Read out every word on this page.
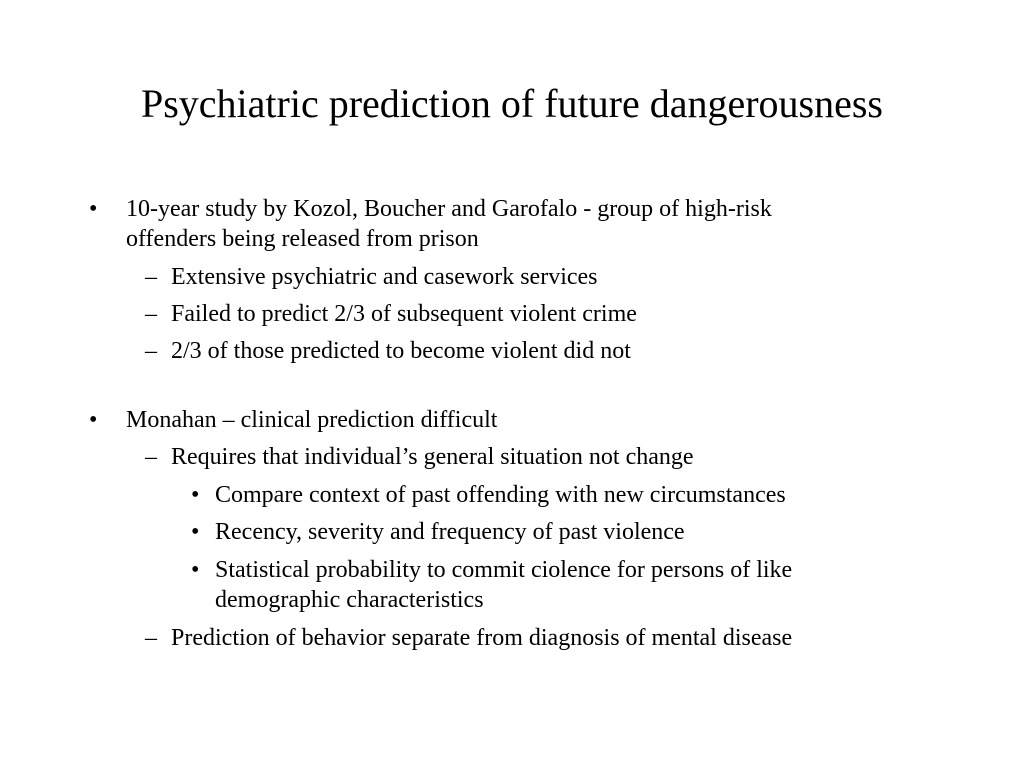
Psychiatric prediction of future dangerousness
• 10-year study by Kozol, Boucher and Garofalo - group of high-risk
offenders being released from prison
– Extensive psychiatric and casework services
– Failed to predict 2/3 of subsequent violent crime
– 2/3 of those predicted to become violent did not
• Monahan – clinical prediction difficult
– Requires that individual’s general situation not change
• Compare context of past offending with new circumstances
• Recency, severity and frequency of past violence
• Statistical probability to commit ciolence for persons of like
demographic characteristics
– Prediction of behavior separate from diagnosis of mental disease
